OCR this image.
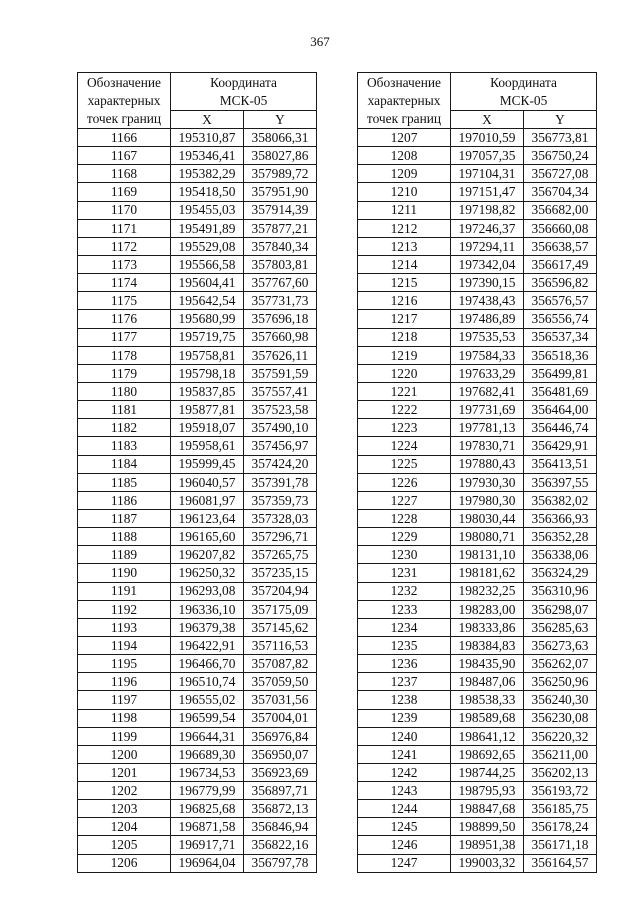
367
Обозначение
характерных
точек границ	Координата
МСК-05	
	X	Y
1166	195310,87	358066,31
1167	195346,41	358027,86
1168	195382,29	357989,72
1169	195418,50	357951,90
1170	195455,03	357914,39
1171	195491,89	357877,21
1172	195529,08	357840,34
1173	195566,58	357803,81
1174	195604,41	357767,60
1175	195642,54	357731,73
1176	195680,99	357696,18
1177	195719,75	357660,98
1178	195758,81	357626,11
1179	195798,18	357591,59
1180	195837,85	357557,41
1181	195877,81	357523,58
1182	195918,07	357490,10
1183	195958,61	357456,97
1184	195999,45	357424,20
1185	196040,57	357391,78
1186	196081,97	357359,73
1187	196123,64	357328,03
1188	196165,60	357296,71
1189	196207,82	357265,75
1190	196250,32	357235,15
1191	196293,08	357204,94
1192	196336,10	357175,09
1193	196379,38	357145,62
1194	196422,91	357116,53
1195	196466,70	357087,82
1196	196510,74	357059,50
1197	196555,02	357031,56
1198	196599,54	357004,01
1199	196644,31	356976,84
1200	196689,30	356950,07
1201	196734,53	356923,69
1202	196779,99	356897,71
1203	196825,68	356872,13
1204	196871,58	356846,94
1205	196917,71	356822,16
1206	196964,04	356797,78
Обозначение
характерных
точек границ	Координата
МСК-05	
	X	Y
1207	197010,59	356773,81
1208	197057,35	356750,24
1209	197104,31	356727,08
1210	197151,47	356704,34
1211	197198,82	356682,00
1212	197246,37	356660,08
1213	197294,11	356638,57
1214	197342,04	356617,49
1215	197390,15	356596,82
1216	197438,43	356576,57
1217	197486,89	356556,74
1218	197535,53	356537,34
1219	197584,33	356518,36
1220	197633,29	356499,81
1221	197682,41	356481,69
1222	197731,69	356464,00
1223	197781,13	356446,74
1224	197830,71	356429,91
1225	197880,43	356413,51
1226	197930,30	356397,55
1227	197980,30	356382,02
1228	198030,44	356366,93
1229	198080,71	356352,28
1230	198131,10	356338,06
1231	198181,62	356324,29
1232	198232,25	356310,96
1233	198283,00	356298,07
1234	198333,86	356285,63
1235	198384,83	356273,63
1236	198435,90	356262,07
1237	198487,06	356250,96
1238	198538,33	356240,30
1239	198589,68	356230,08
1240	198641,12	356220,32
1241	198692,65	356211,00
1242	198744,25	356202,13
1243	198795,93	356193,72
1244	198847,68	356185,75
1245	198899,50	356178,24
1246	198951,38	356171,18
1247	199003,32	356164,57
